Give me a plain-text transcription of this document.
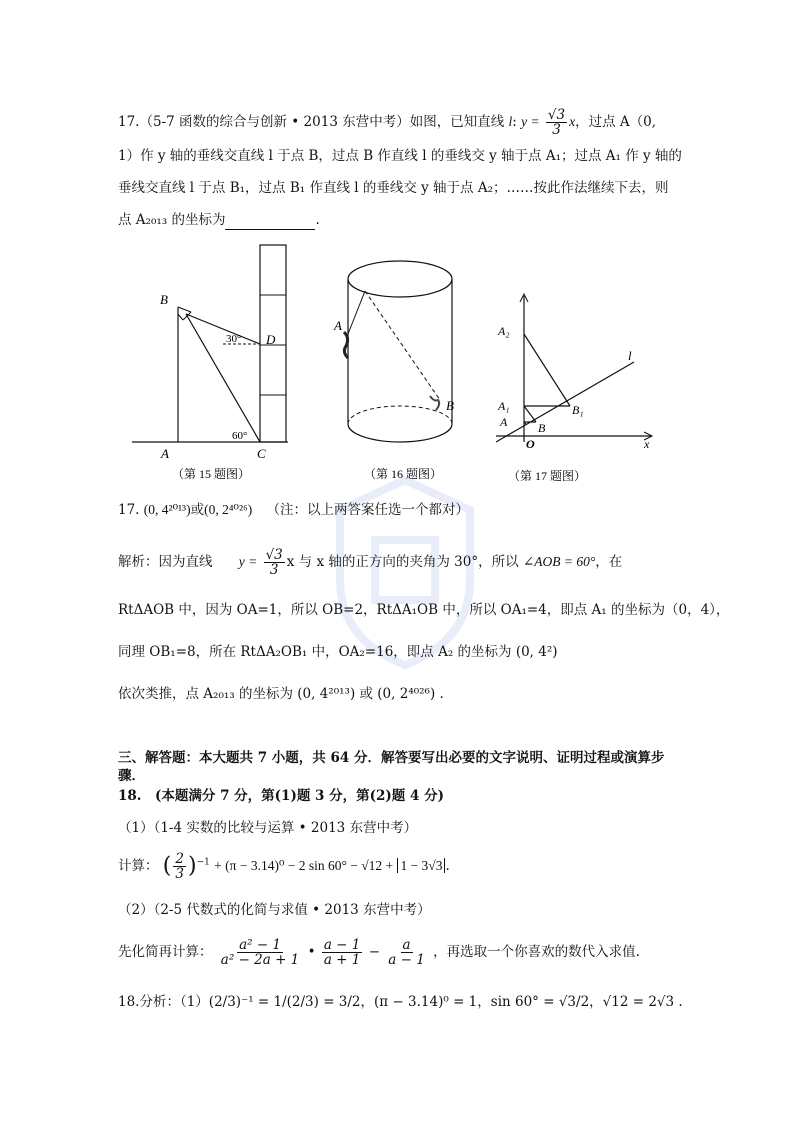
17.（5-7 函数的综合与创新 • 2013 东营中考）如图，已知直线 l: $y = \frac{√3}{3}$ x，过点 A（0,
1）作 y 轴的垂线交直线 l 于点 B，过点 B 作直线 l 的垂线交 y 轴于点 A₁；过点 A₁ 作 y 轴的
垂线交直线 l 于点 B₁，过点 B₁ 作直线 l 的垂线交 y 轴于点 A₂；……按此作法继续下去，则
点 A₂₀₁₃ 的坐标为	.
B
D
A	C
30°
60°
（第 15 题图）
A
B
（第 16 题图）
A₂
A₁
A	B
B₁
O	x
l
（第 17 题图）
17. (0, 4²⁰¹³)或(0, 2⁴⁰²⁶) （注：以上两答案任选一个都对）
解析：因为直线 $y = \frac{√3}{3}$ x 与 x 轴的正方向的夹角为 30°，所以 ∠AOB = 60°，在
RtΔAOB 中，因为 OA=1，所以 OB=2，RtΔA₁OB 中，所以 OA₁=4，即点 A₁ 的坐标为（0，4），
同理 OB₁=8，所在 RtΔA₂OB₁ 中，OA₂=16，即点 A₂ 的坐标为 (0, 4²)
依次类推，点 A₂₀₁₃ 的坐标为 (0, 4²⁰¹³) 或 (0, 2⁴⁰²⁶) .
三、解答题：本大题共 7 小题，共 64 分．解答要写出必要的文字说明、证明过程或演算步
骤．
18.　(本题满分 7 分，第(1)题 3 分，第(2)题 4 分)
（1）（1-4 实数的比较与运算 • 2013 东营中考）
计算： ( $\frac{2}{3} )^{-1} + (\pi - 3.14)^0 - 2$ sin 60° − √12 + 1 − 3√3 .
（2）（2-5 代数式的化简与求值 • 2013 东营中考）
先化简再计算： $\frac{\text{a² − 1}}{\text{a² − 2a + 1}}$ • $\frac{a - 1}{a + 1} - \frac{a}{a - 1}$ ，再选取一个你喜欢的数代入求值.
18.分析：（1）(2/3)⁻¹ = 1/(2/3) = 3/2，(π − 3.14)⁰ = 1，sin 60° = √3/2，√12 = 2√3 .
